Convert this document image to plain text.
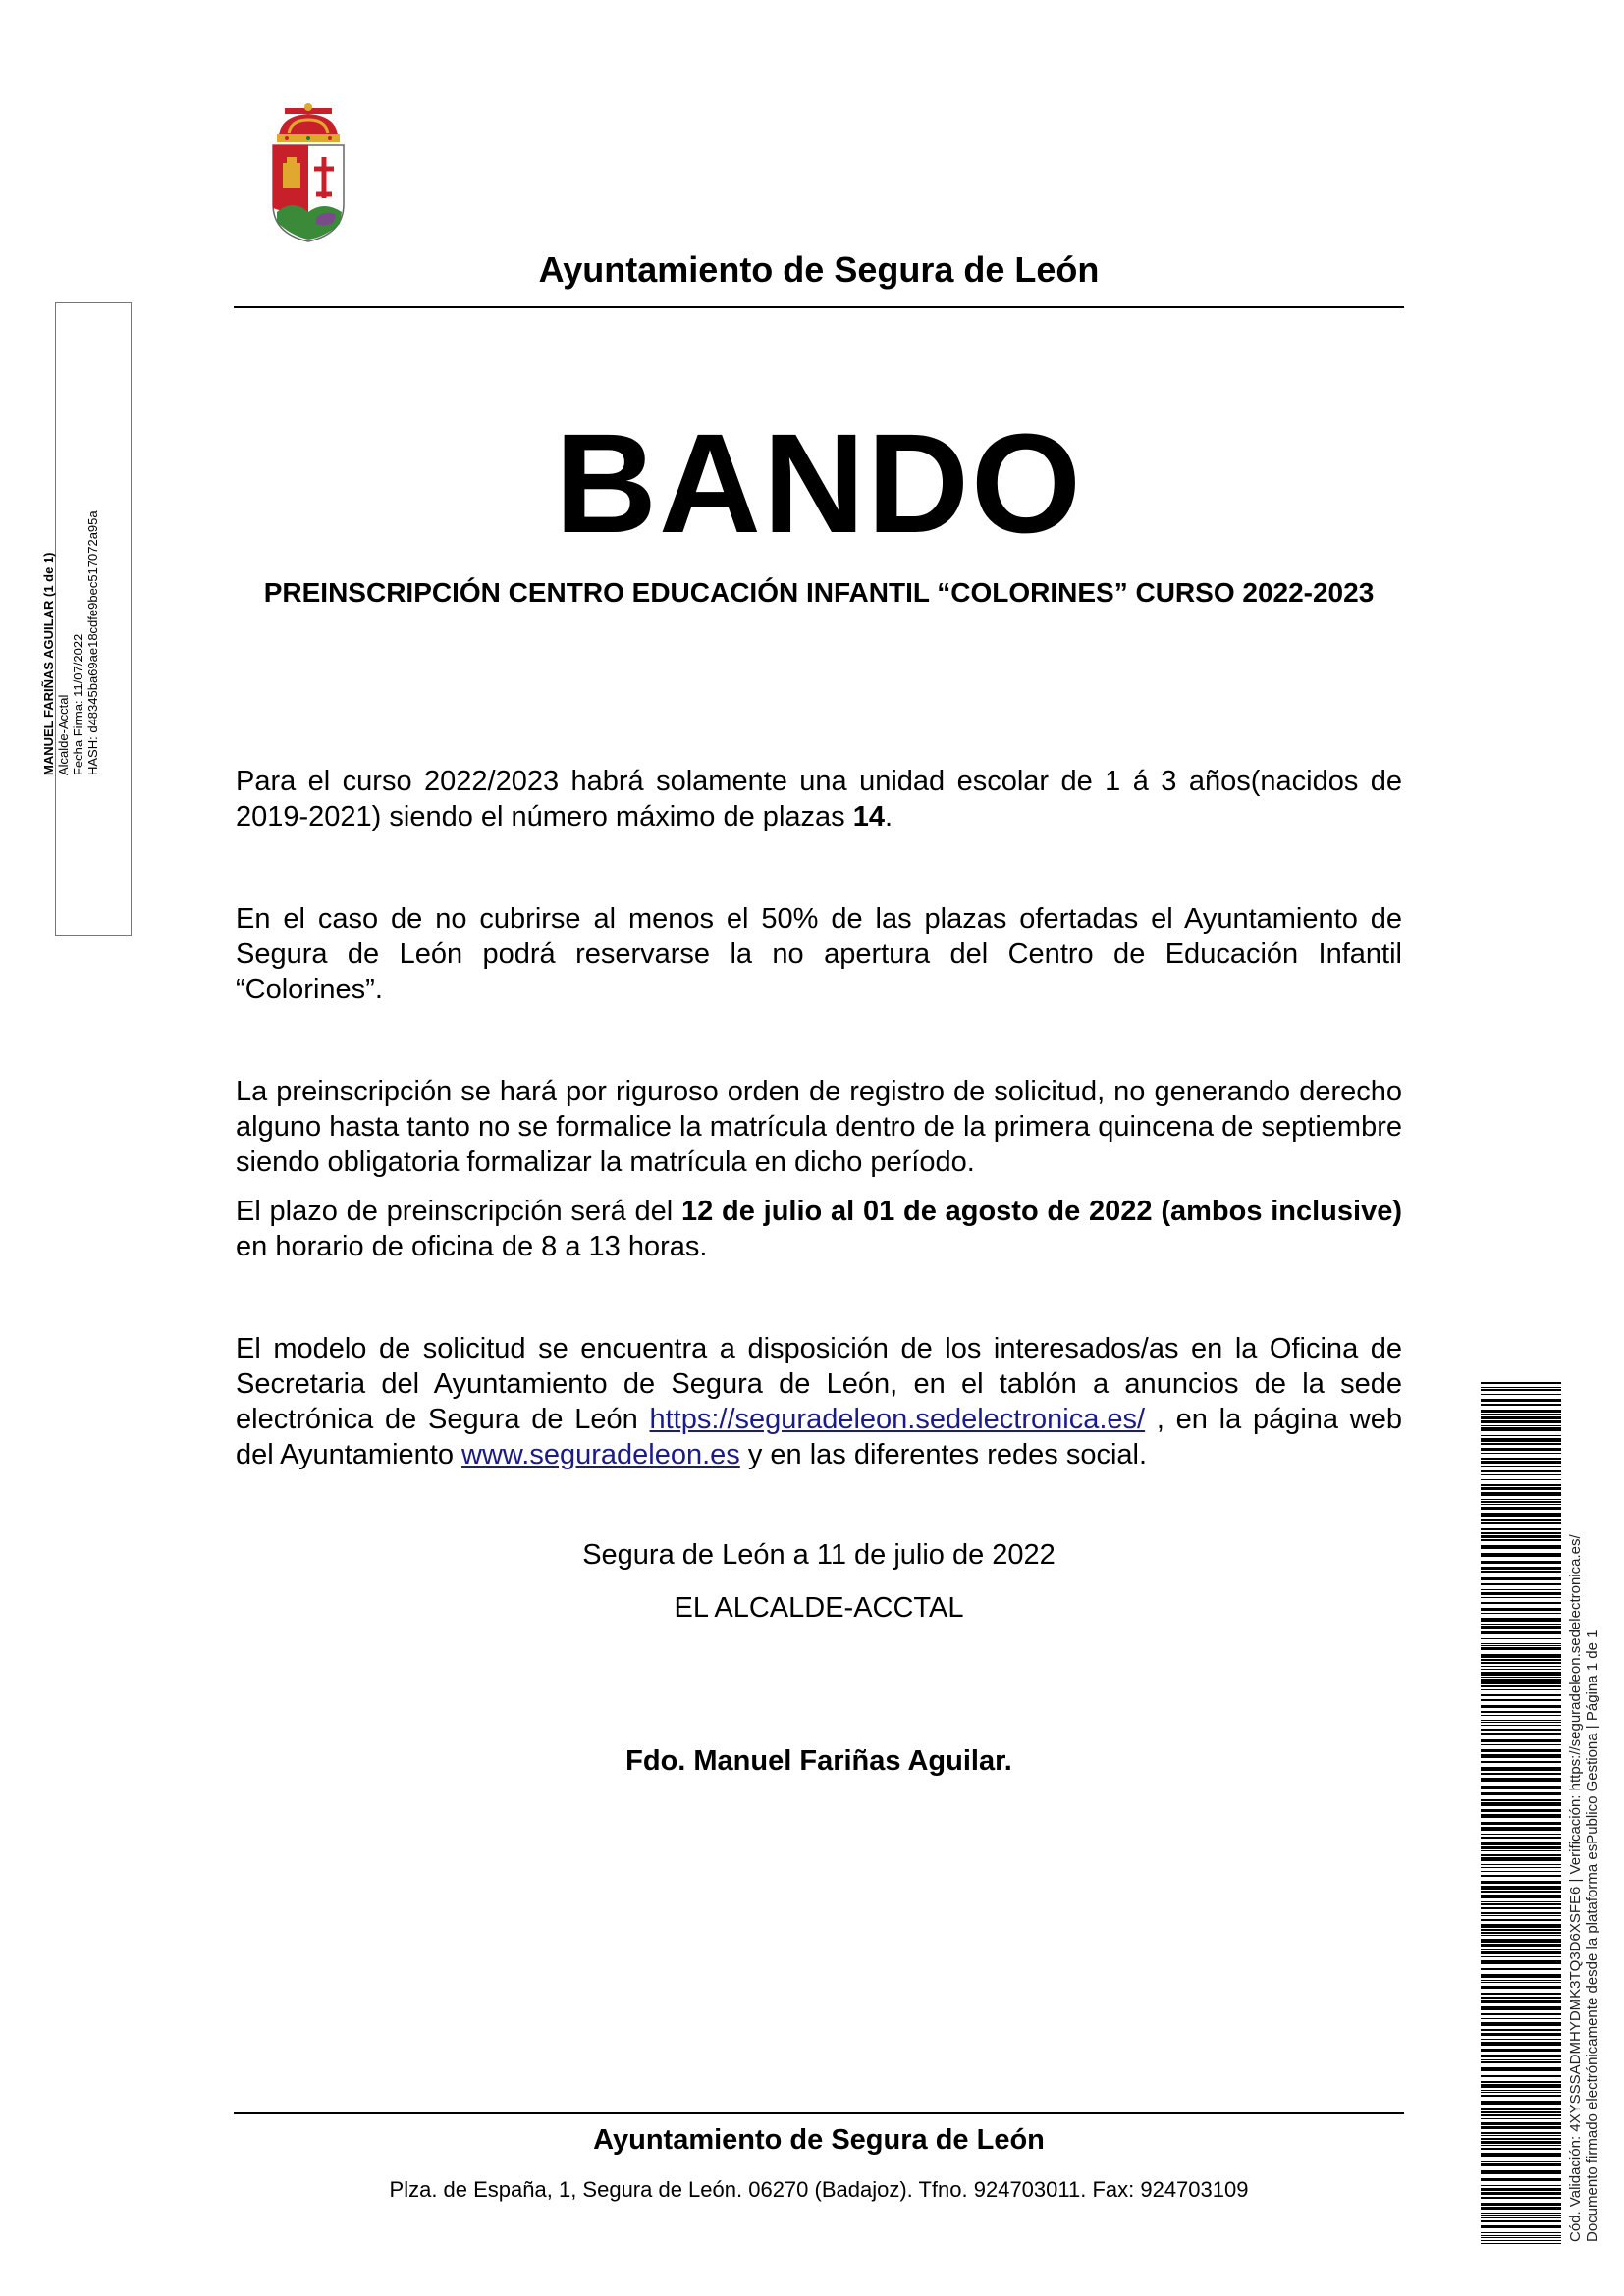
Ayuntamiento de Segura de León
MANUEL FARIÑAS AGUILAR (1 de 1) Alcalde-Acctal Fecha Firma: 11/07/2022 HASH: d48345ba69ae18cdfe9bec517072a95a
BANDO
PREINSCRIPCIÓN CENTRO EDUCACIÓN INFANTIL “COLORINES” CURSO 2022-2023
Para el curso 2022/2023 habrá solamente una unidad escolar de 1 á 3 años(nacidos de 2019-2021) siendo el número máximo de plazas 14.
En el caso de no cubrirse al menos el 50% de las plazas ofertadas el Ayuntamiento de Segura de León podrá reservarse la no apertura del Centro de Educación Infantil “Colorines”.
La preinscripción se hará por riguroso orden de registro de solicitud, no generando derecho alguno hasta tanto no se formalice la matrícula dentro de la primera quincena de septiembre siendo obligatoria formalizar la matrícula en dicho período.
El plazo de preinscripción será del 12 de julio al 01 de agosto de 2022 (ambos inclusive) en horario de oficina de 8 a 13 horas.
El modelo de solicitud se encuentra a disposición de los interesados/as en la Oficina de Secretaria del Ayuntamiento de Segura de León, en el tablón a anuncios de la sede electrónica de Segura de León https://seguradeleon.sedelectronica.es/ , en la página web del Ayuntamiento www.seguradeleon.es y en las diferentes redes social.
Segura de León a 11 de julio de 2022
EL ALCALDE-ACCTAL
Fdo. Manuel Fariñas Aguilar.
Ayuntamiento de Segura de León
Plza. de España, 1, Segura de León. 06270 (Badajoz). Tfno. 924703011. Fax: 924703109	Cód. Validación: 4XYSSSADMHYDMK3TQ3D6XSFE6 | Verificación: https://seguradeleon.sedelectronica.es/ Documento firmado electrónicamente desde la plataforma esPublico Gestiona | Página 1 de 1
